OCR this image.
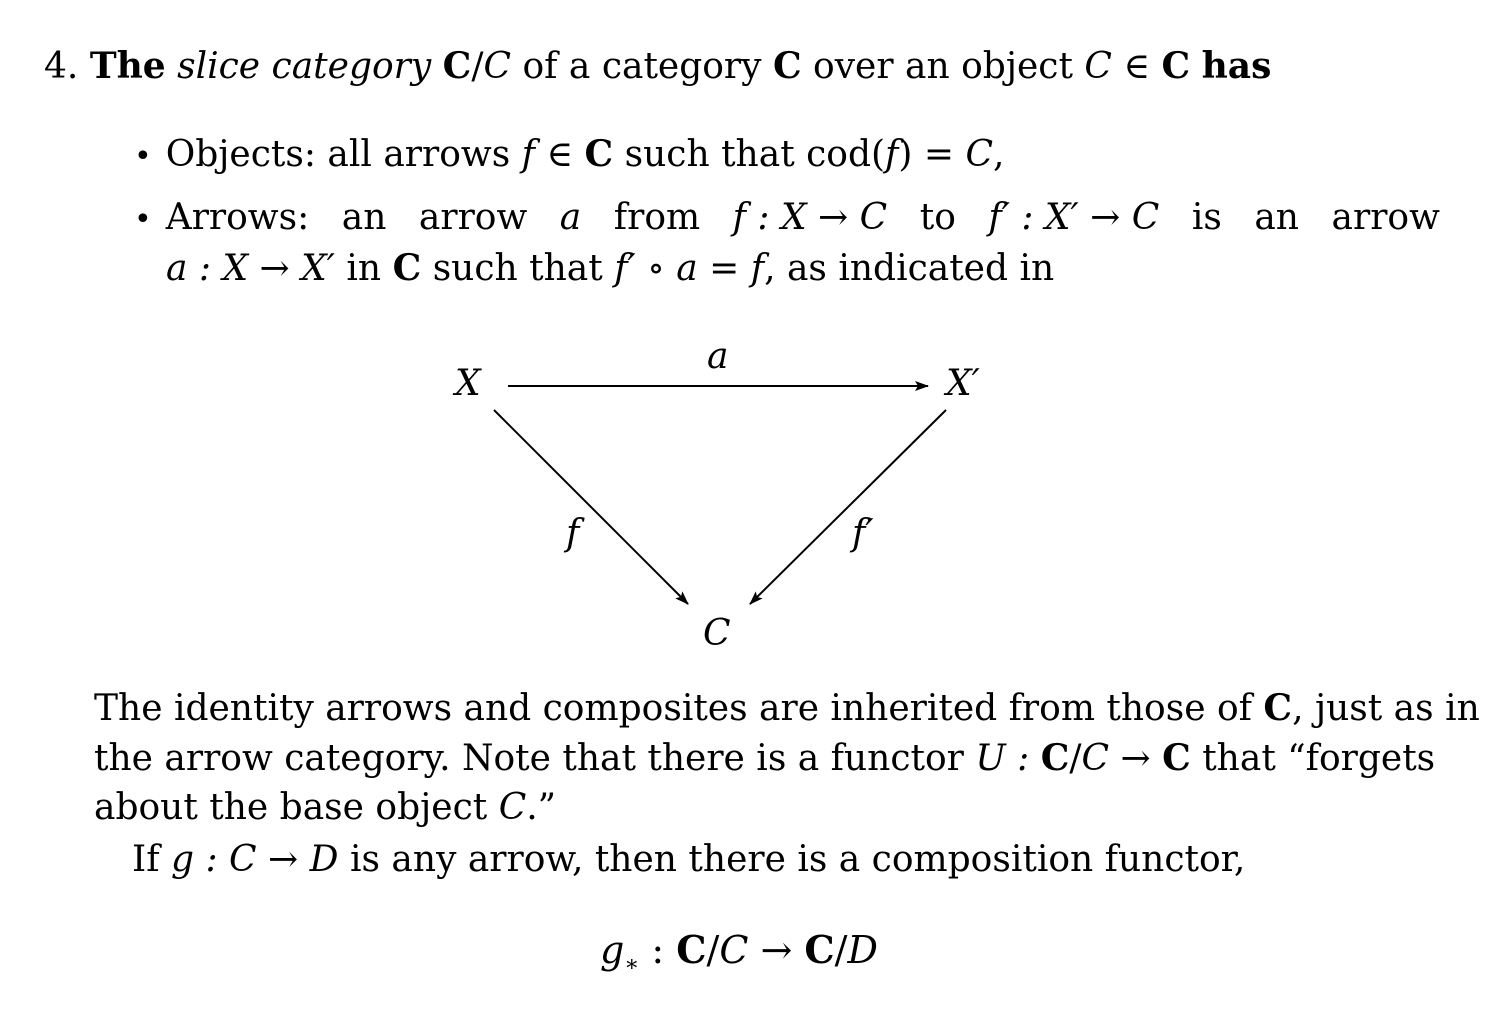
4. The slice category C/C of a category C over an object C ∈ C has
• Objects: all arrows f ∈ C such that cod(f) = C,
• Arrows: an arrow a from f : X → C to f′ : X′ → C is an arrow
a : X → X′ in C such that f′ ∘ a = f, as indicated in
X	X′
C
a
f	f′
The identity arrows and composites are inherited from those of C, just as in
the arrow category. Note that there is a functor U : C/C → C that “forgets
about the base object C.”
If g : C → D is any arrow, then there is a composition functor,
$g_∗$ : C/C → C/D
